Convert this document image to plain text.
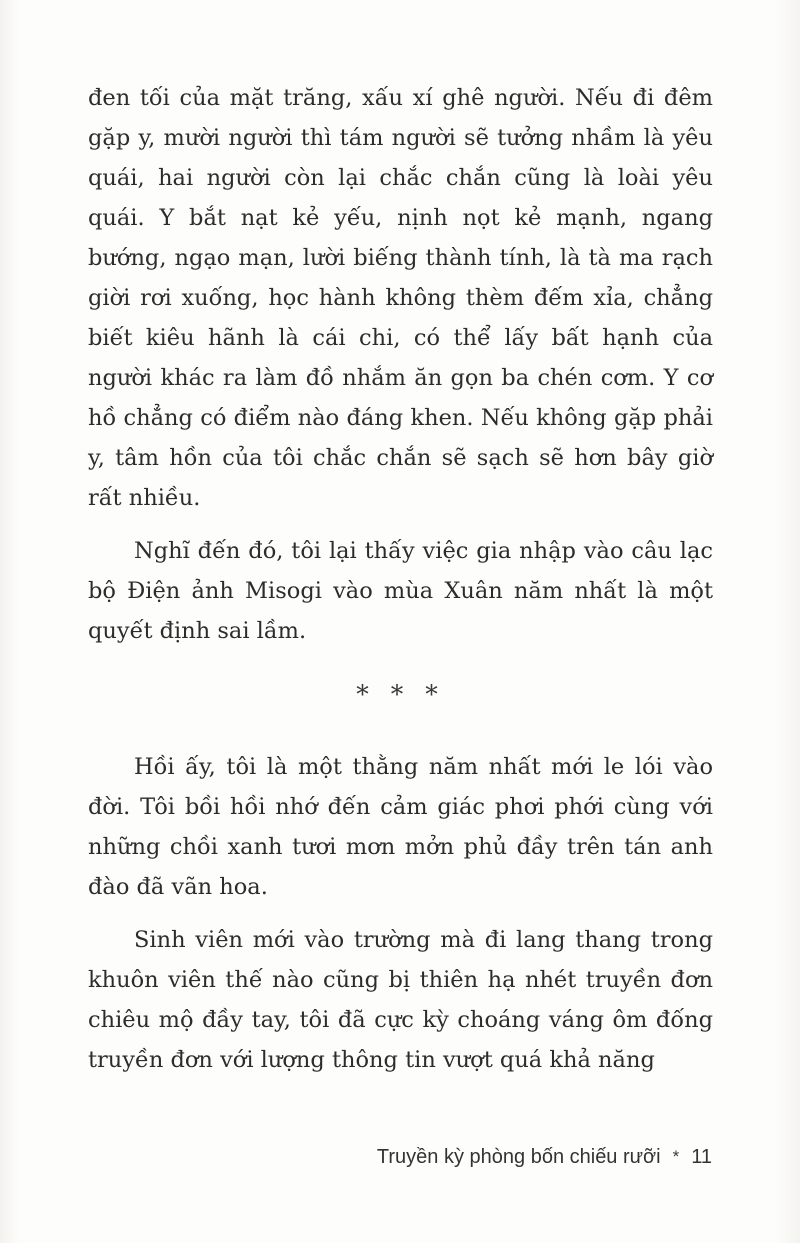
đen tối của mặt trăng, xấu xí ghê người. Nếu đi đêm gặp y, mười người thì tám người sẽ tưởng nhầm là yêu quái, hai người còn lại chắc chắn cũng là loài yêu quái. Y bắt nạt kẻ yếu, nịnh nọt kẻ mạnh, ngang bướng, ngạo mạn, lười biếng thành tính, là tà ma rạch giời rơi xuống, học hành không thèm đếm xỉa, chẳng biết kiêu hãnh là cái chi, có thể lấy bất hạnh của người khác ra làm đồ nhắm ăn gọn ba chén cơm. Y cơ hồ chẳng có điểm nào đáng khen. Nếu không gặp phải y, tâm hồn của tôi chắc chắn sẽ sạch sẽ hơn bây giờ rất nhiều.

Nghĩ đến đó, tôi lại thấy việc gia nhập vào câu lạc bộ Điện ảnh Misogi vào mùa Xuân năm nhất là một quyết định sai lầm.

* * *

Hồi ấy, tôi là một thằng năm nhất mới le lói vào đời. Tôi bồi hồi nhớ đến cảm giác phơi phới cùng với những chồi xanh tươi mơn mởn phủ đầy trên tán anh đào đã vãn hoa.

Sinh viên mới vào trường mà đi lang thang trong khuôn viên thế nào cũng bị thiên hạ nhét truyền đơn chiêu mộ đầy tay, tôi đã cực kỳ choáng váng ôm đống truyền đơn với lượng thông tin vượt quá khả năng

Truyền kỳ phòng bốn chiếu rưỡi * 11
